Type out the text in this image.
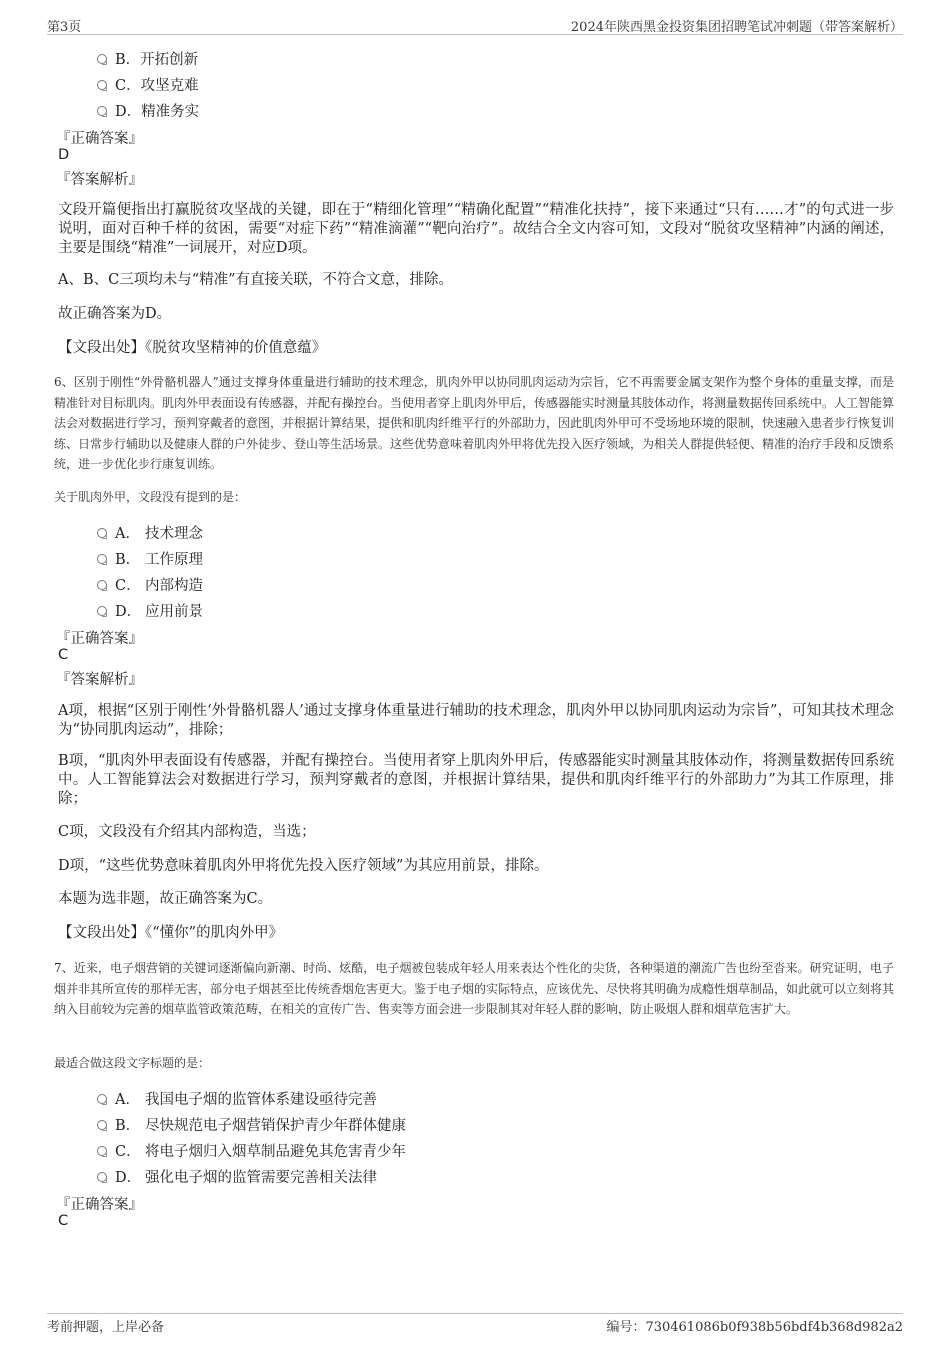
第3页	2024年陕西黑金投资集团招聘笔试冲刺题（带答案解析）
B．开拓创新
C．攻坚克难
D．精准务实
『正确答案』
D
『答案解析』
文段开篇便指出打赢脱贫攻坚战的关键，即在于“精细化管理”“精确化配置”“精准化扶持”，接下来通过“只有……才”的句式进一步说明，面对百种千样的贫困，需要“对症下药”“精准滴灌”“靶向治疗”。故结合全文内容可知，文段对“脱贫攻坚精神”内涵的阐述，主要是围绕“精准”一词展开，对应D项。
A、B、C三项均未与“精准”有直接关联，不符合文意，排除。
故正确答案为D。
【文段出处】《脱贫攻坚精神的价值意蕴》
6、区别于刚性“外骨骼机器人”通过支撑身体重量进行辅助的技术理念，肌肉外甲以协同肌肉运动为宗旨，它不再需要金属支架作为整个身体的重量支撑，而是精准针对目标肌肉。肌肉外甲表面设有传感器，并配有操控台。当使用者穿上肌肉外甲后，传感器能实时测量其肢体动作，将测量数据传回系统中。人工智能算法会对数据进行学习，预判穿戴者的意图，并根据计算结果，提供和肌肉纤维平行的外部助力，因此肌肉外甲可不受场地环境的限制，快速融入患者步行恢复训练、日常步行辅助以及健康人群的户外徒步、登山等生活场景。这些优势意味着肌肉外甲将优先投入医疗领域，为相关人群提供轻便、精准的治疗手段和反馈系统，进一步优化步行康复训练。
关于肌肉外甲，文段没有提到的是：
A． 技术理念
B． 工作原理
C． 内部构造
D． 应用前景
『正确答案』
C
『答案解析』
A项，根据“区别于刚性‘外骨骼机器人’通过支撑身体重量进行辅助的技术理念，肌肉外甲以协同肌肉运动为宗旨”，可知其技术理念为“协同肌肉运动”，排除；
B项，“肌肉外甲表面设有传感器，并配有操控台。当使用者穿上肌肉外甲后，传感器能实时测量其肢体动作，将测量数据传回系统中。人工智能算法会对数据进行学习，预判穿戴者的意图，并根据计算结果，提供和肌肉纤维平行的外部助力”为其工作原理，排除；
C项，文段没有介绍其内部构造，当选；
D项，“这些优势意味着肌肉外甲将优先投入医疗领域”为其应用前景，排除。
本题为选非题，故正确答案为C。
【文段出处】《“懂你”的肌肉外甲》
7、近来，电子烟营销的关键词逐渐偏向新潮、时尚、炫酷，电子烟被包装成年轻人用来表达个性化的尖货，各种渠道的潮流广告也纷至沓来。研究证明，电子烟并非其所宣传的那样无害，部分电子烟甚至比传统香烟危害更大。鉴于电子烟的实际特点，应该优先、尽快将其明确为成瘾性烟草制品，如此就可以立刻将其纳入目前较为完善的烟草监管政策范畴，在相关的宣传广告、售卖等方面会进一步限制其对年轻人群的影响，防止吸烟人群和烟草危害扩大。
最适合做这段文字标题的是：
A． 我国电子烟的监管体系建设亟待完善
B． 尽快规范电子烟营销保护青少年群体健康
C． 将电子烟归入烟草制品避免其危害青少年
D． 强化电子烟的监管需要完善相关法律
『正确答案』
C
考前押题，上岸必备	编号：730461086b0f938b56bdf4b368d982a2
